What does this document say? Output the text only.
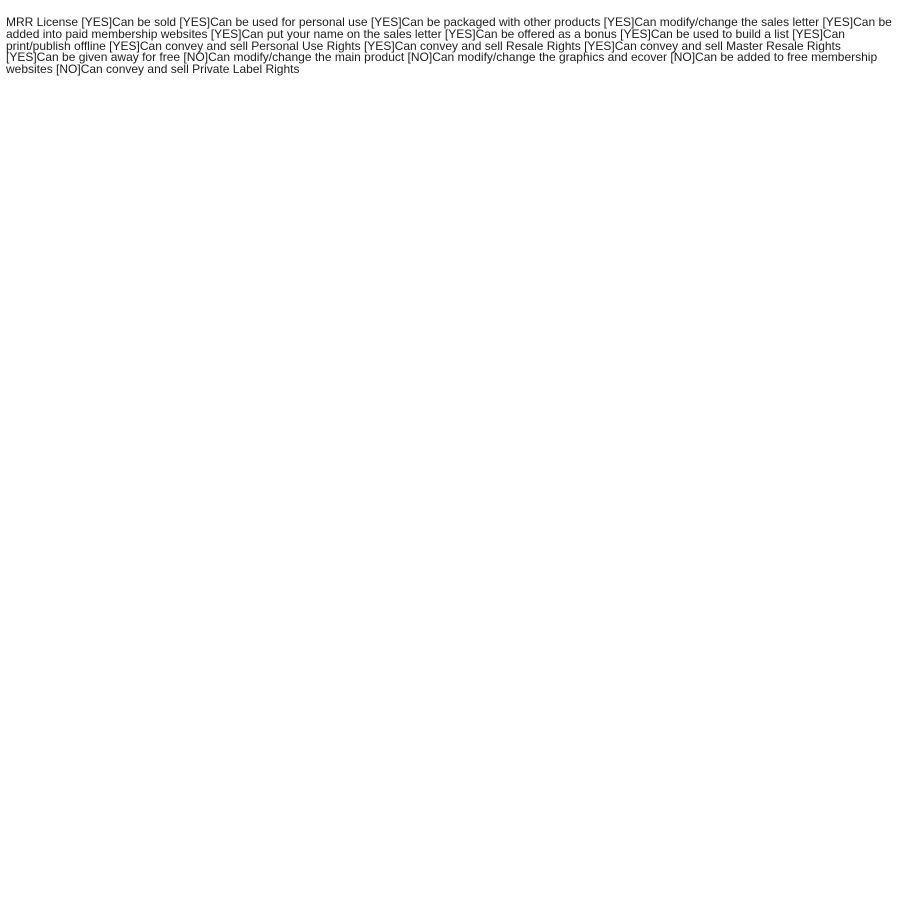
MRR License [YES]Can be sold [YES]Can be used for personal use [YES]Can be packaged with other products [YES]Can modify/change the sales letter [YES]Can be added into paid membership websites [YES]Can put your name on the sales letter [YES]Can be offered as a bonus [YES]Can be used to build a list [YES]Can print/publish offline [YES]Can convey and sell Personal Use Rights [YES]Can convey and sell Resale Rights [YES]Can convey and sell Master Resale Rights [YES]Can be given away for free [NO]Can modify/change the main product [NO]Can modify/change the graphics and ecover [NO]Can be added to free membership websites [NO]Can convey and sell Private Label Rights
